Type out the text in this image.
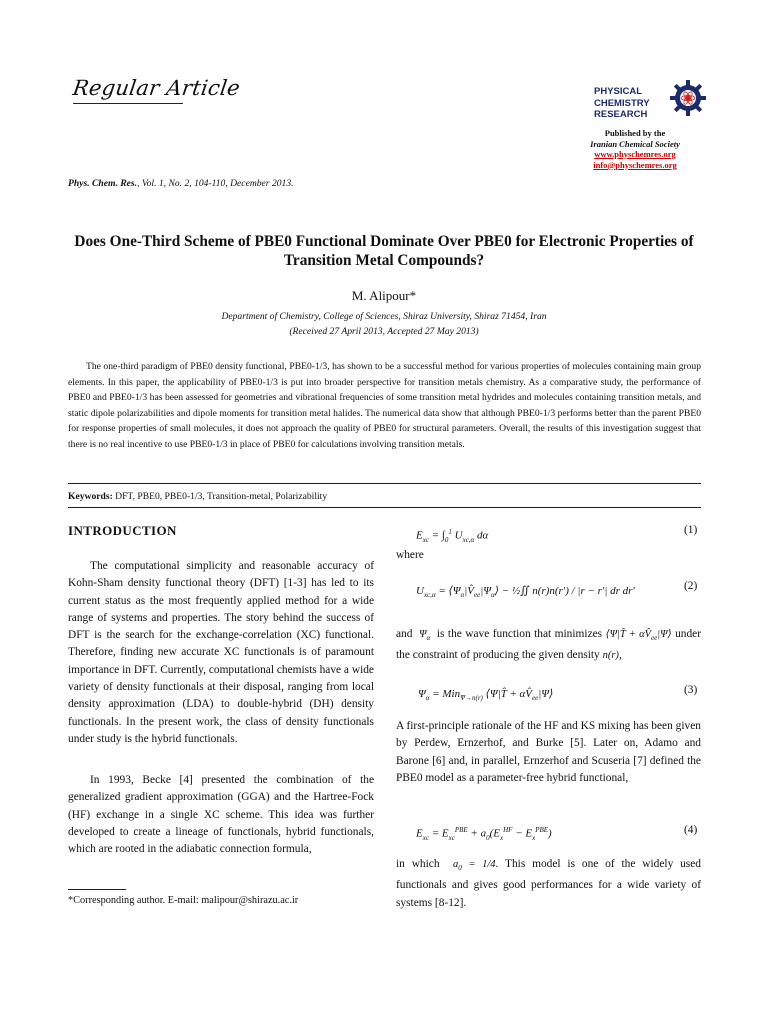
Regular Article	PHYSICAL
CHEMISTRY
RESEARCH
Published by the
Iranian Chemical Society
www.physchemres.org
info@physchemres.org
Phys. Chem. Res., Vol. 1, No. 2, 104-110, December 2013.
Does One-Third Scheme of PBE0 Functional Dominate Over PBE0 for Electronic Properties of Transition Metal Compounds?
M. Alipour*
Department of Chemistry, College of Sciences, Shiraz University, Shiraz 71454, Iran
(Received 27 April 2013, Accepted 27 May 2013)
The one-third paradigm of PBE0 density functional, PBE0-1/3, has shown to be a successful method for various properties of molecules containing main group elements. In this paper, the applicability of PBE0-1/3 is put into broader perspective for transition metals chemistry. As a comparative study, the performance of PBE0 and PBE0-1/3 has been assessed for geometries and vibrational frequencies of some transition metal hydrides and molecules containing transition metals, and static dipole polarizabilities and dipole moments for transition metal halides. The numerical data show that although PBE0-1/3 performs better than the parent PBE0 for response properties of small molecules, it does not approach the quality of PBE0 for structural parameters. Overall, the results of this investigation suggest that there is no real incentive to use PBE0-1/3 in place of PBE0 for calculations involving transition metals.
Keywords: DFT, PBE0, PBE0-1/3, Transition-metal, Polarizability
INTRODUCTION
The computational simplicity and reasonable accuracy of Kohn-Sham density functional theory (DFT) [1-3] has led to its current status as the most frequently applied method for a wide range of systems and properties. The story behind the success of DFT is the search for the exchange-correlation (XC) functional. Therefore, finding new accurate XC functionals is of paramount importance in DFT. Currently, computational chemists have a wide variety of density functionals at their disposal, ranging from local density approximation (LDA) to double-hybrid (DH) density functionals. In the present work, the class of density functionals under study is the hybrid functionals.
In 1993, Becke [4] presented the combination of the generalized gradient approximation (GGA) and the Hartree-Fock (HF) exchange in a single XC scheme. This idea was further developed to create a lineage of functionals, hybrid functionals, which are rooted in the adiabatic connection formula,
*Corresponding author. E-mail: malipour@shirazu.ac.ir
$E_{xc} = \int_0^1$ $U_{xc,\alpha}$ dα	(1)
where
$U_{xc,\alpha}$ = $⟨\Psi_\alpha|V̂_{ee}|\Psi_\alpha⟩$ − ½∬ n(r)n(r′) / |r − r′| dr dr′	(2)
and  $\Psi_\alpha$ is the wave function that minimizes ⟨Ψ|T̂ + $\alpha V̂_{ee}|\Psi⟩$ under the constraint of producing the given density n(r),
$\Psi_\alpha = Min_{\Psi\to n(r)}$ ⟨Ψ|T̂ + $\alpha V̂_{ee}|\Psi⟩$	(3)
A first-principle rationale of the HF and KS mixing has been given by Perdew, Ernzerhof, and Burke [5]. Later on, Adamo and Barone [6] and, in parallel, Ernzerhof and Scuseria [7] defined the PBE0 model as a parameter-free hybrid functional,
$E_{xc} = E_{xc}^{PBE} + a_0(E_x^{HF} - E_x^{PBE})$	(4)
in which  $a_0 = 1/4$. This model is one of the widely used functionals and gives good performances for a wide variety of systems [8-12].
